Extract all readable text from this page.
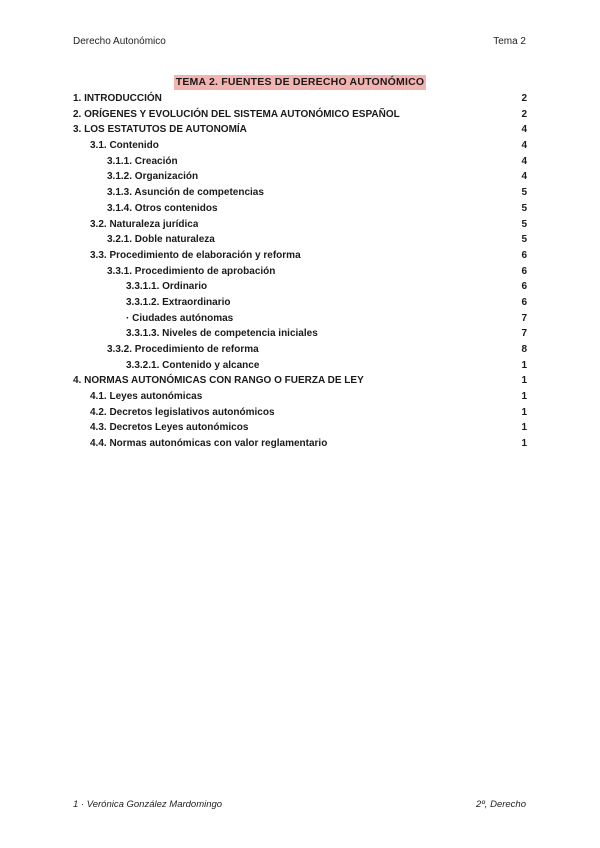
Derecho Autonómico	Tema 2
TEMA 2. FUENTES DE DERECHO AUTONÓMICO
1. INTRODUCCIÓN	2
2. ORÍGENES Y EVOLUCIÓN DEL SISTEMA AUTONÓMICO ESPAÑOL	2
3. LOS ESTATUTOS DE AUTONOMÍA	4
3.1. Contenido	4
3.1.1. Creación	4
3.1.2. Organización	4
3.1.3. Asunción de competencias	5
3.1.4. Otros contenidos	5
3.2. Naturaleza jurídica	5
3.2.1. Doble naturaleza	5
3.3. Procedimiento de elaboración y reforma	6
3.3.1. Procedimiento de aprobación	6
3.3.1.1. Ordinario	6
3.3.1.2. Extraordinario	6
· Ciudades autónomas	7
3.3.1.3. Niveles de competencia iniciales	7
3.3.2. Procedimiento de reforma	8
3.3.2.1. Contenido y alcance	1
4. NORMAS AUTONÓMICAS CON RANGO O FUERZA DE LEY	1
4.1. Leyes autonómicas	1
4.2. Decretos legislativos autonómicos	1
4.3. Decretos Leyes autonómicos	1
4.4. Normas autonómicas con valor reglamentario	1
1 · Verónica González Mardomingo	2º, Derecho
